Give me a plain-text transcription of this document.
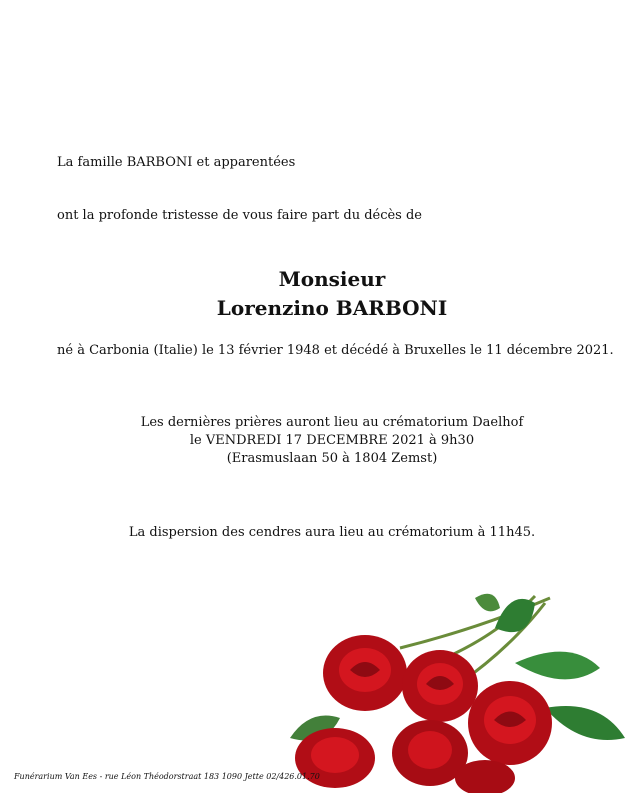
La famille BARBONI et apparentées
ont la profonde tristesse de vous faire part du décès de
Monsieur
Lorenzino BARBONI
né à Carbonia (Italie) le 13 février 1948 et décédé à Bruxelles le 11 décembre 2021.
Les dernières prières auront lieu au crématorium Daelhof
le VENDREDI 17 DECEMBRE 2021 à 9h30
(Erasmuslaan 50 à 1804 Zemst)
La dispersion des cendres aura lieu au crématorium à 11h45.
Funérarium Van Ees - rue Léon Théodorstraat 183 1090 Jette 02/426.01.70
